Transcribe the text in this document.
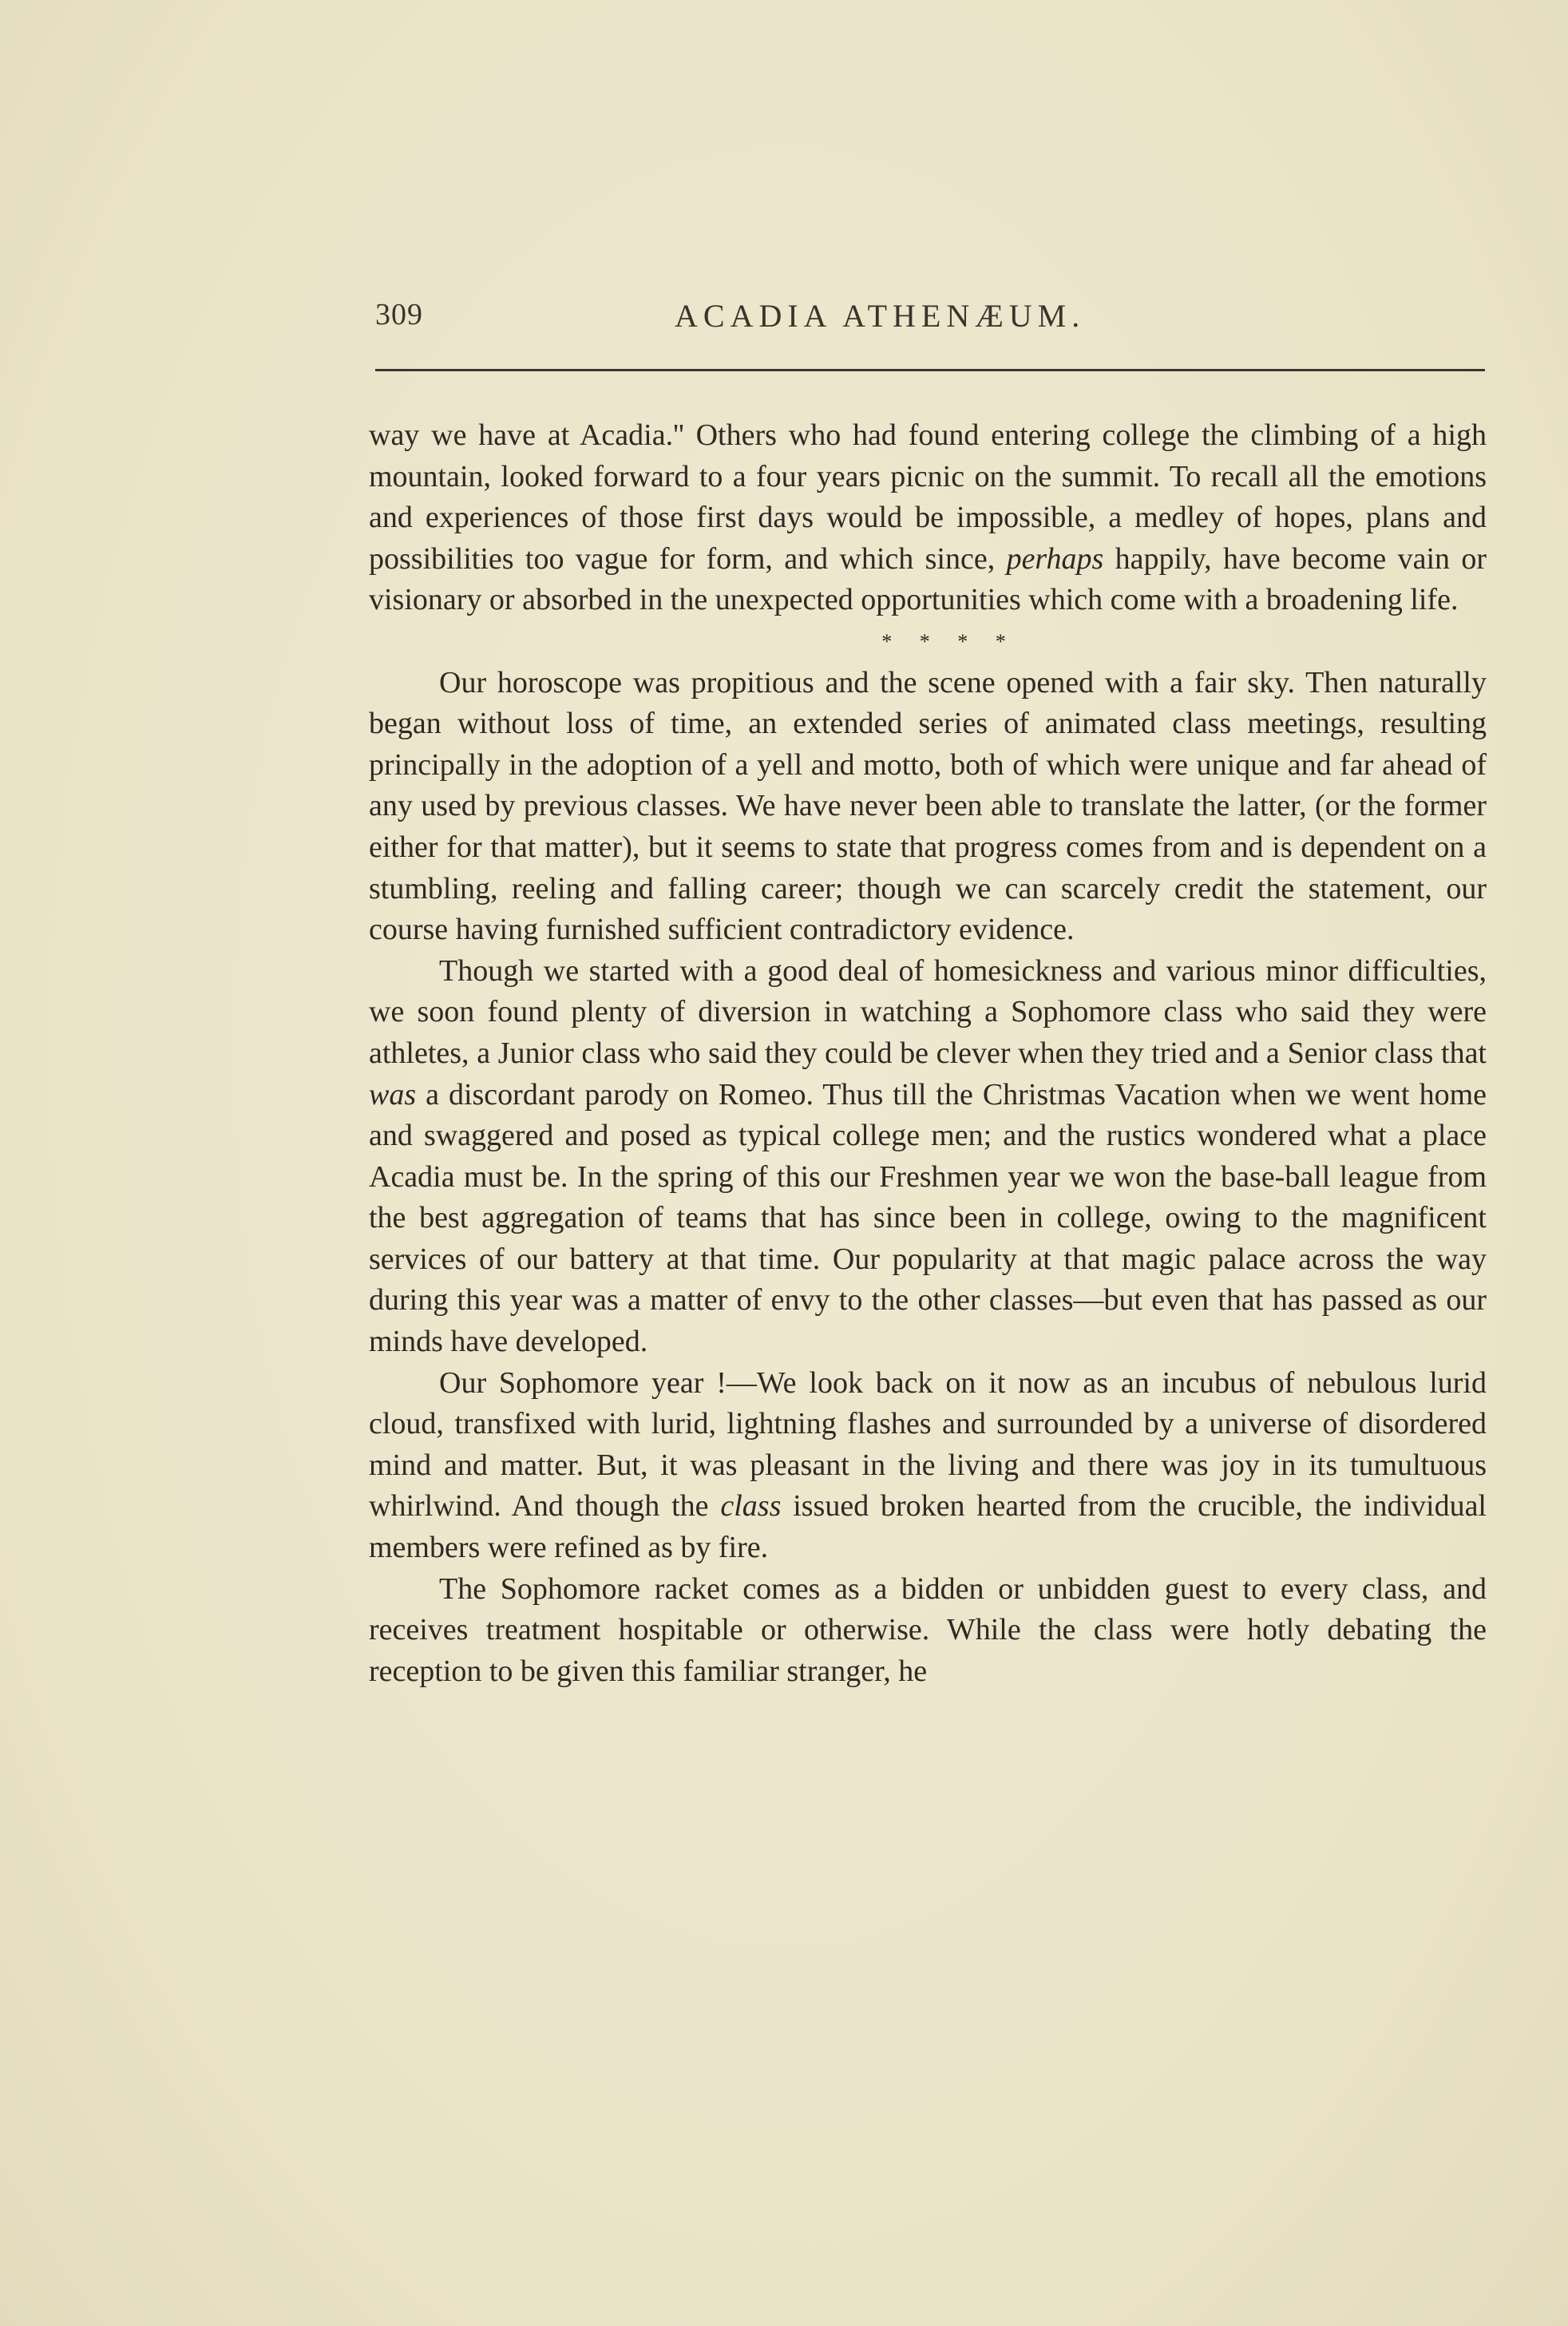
309	ACADIA ATHENÆUM.

way we have at Acadia.'' Others who had found entering college the climbing of a high mountain, looked forward to a four years picnic on the summit. To recall all the emotions and experiences of those first days would be impossible, a medley of hopes, plans and possibilities too vague for form, and which since, perhaps happily, have become vain or visionary or absorbed in the unexpected opportunities which come with a broadening life.

* * * *

Our horoscope was propitious and the scene opened with a fair sky. Then naturally began without loss of time, an extended series of animated class meetings, resulting principally in the adoption of a yell and motto, both of which were unique and far ahead of any used by previous classes. We have never been able to translate the latter, (or the former either for that matter), but it seems to state that progress comes from and is dependent on a stumbling, reeling and falling career; though we can scarcely credit the statement, our course having furnished sufficient contradictory evidence.

Though we started with a good deal of homesickness and various minor difficulties, we soon found plenty of diversion in watching a Sophomore class who said they were athletes, a Junior class who said they could be clever when they tried and a Senior class that was a discordant parody on Romeo. Thus till the Christmas Vacation when we went home and swaggered and posed as typical college men; and the rustics wondered what a place Acadia must be. In the spring of this our Freshmen year we won the base-ball league from the best aggregation of teams that has since been in college, owing to the magnificent services of our battery at that time. Our popularity at that magic palace across the way during this year was a matter of envy to the other classes—but even that has passed as our minds have developed.

Our Sophomore year !—We look back on it now as an incubus of nebulous lurid cloud, transfixed with lurid, lightning flashes and surrounded by a universe of disordered mind and matter. But, it was pleasant in the living and there was joy in its tumultuous whirlwind. And though the class issued broken hearted from the crucible, the individual members were refined as by fire.

The Sophomore racket comes as a bidden or unbidden guest to every class, and receives treatment hospitable or otherwise. While the class were hotly debating the reception to be given this familiar stranger, he
